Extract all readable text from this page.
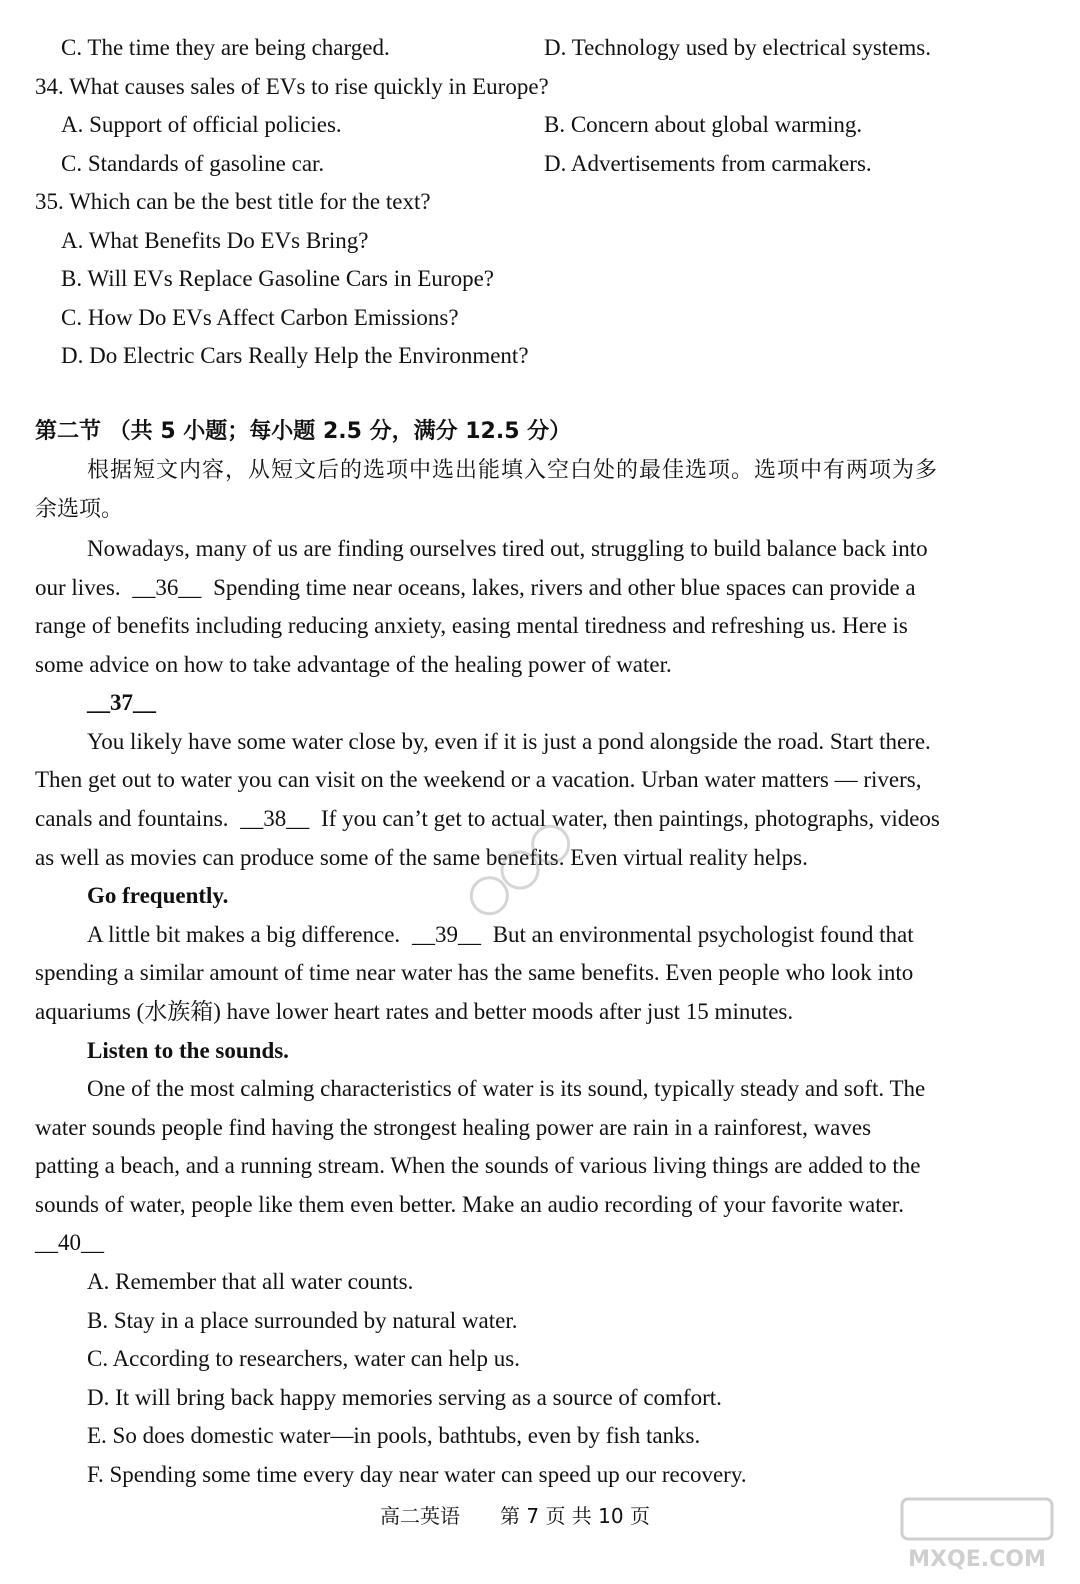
C. The time they are being charged.	D. Technology used by electrical systems.
34. What causes sales of EVs to rise quickly in Europe?
A. Support of official policies.	B. Concern about global warming.
C. Standards of gasoline car.	D. Advertisements from carmakers.
35. Which can be the best title for the text?
A. What Benefits Do EVs Bring?
B. Will EVs Replace Gasoline Cars in Europe?
C. How Do EVs Affect Carbon Emissions?
D. Do Electric Cars Really Help the Environment?
第二节 （共 5 小题；每小题 2.5 分，满分 12.5 分）
根据短文内容，从短文后的选项中选出能填入空白处的最佳选项。选项中有两项为多
余选项。
Nowadays, many of us are finding ourselves tired out, struggling to build balance back into
our lives. __36__ Spending time near oceans, lakes, rivers and other blue spaces can provide a
range of benefits including reducing anxiety, easing mental tiredness and refreshing us. Here is
some advice on how to take advantage of the healing power of water.
__37__
You likely have some water close by, even if it is just a pond alongside the road. Start there.
Then get out to water you can visit on the weekend or a vacation. Urban water matters — rivers,
canals and fountains. __38__ If you can’t get to actual water, then paintings, photographs, videos
as well as movies can produce some of the same benefits. Even virtual reality helps.
Go frequently.
A little bit makes a big difference. __39__ But an environmental psychologist found that
spending a similar amount of time near water has the same benefits. Even people who look into
aquariums (水族箱) have lower heart rates and better moods after just 15 minutes.
Listen to the sounds.
One of the most calming characteristics of water is its sound, typically steady and soft. The
water sounds people find having the strongest healing power are rain in a rainforest, waves
patting a beach, and a running stream. When the sounds of various living things are added to the
sounds of water, people like them even better. Make an audio recording of your favorite water.
__40__
A. Remember that all water counts.
B. Stay in a place surrounded by natural water.
C. According to researchers, water can help us.
D. It will bring back happy memories serving as a source of comfort.
E. So does domestic water—in pools, bathtubs, even by fish tanks.
F. Spending some time every day near water can speed up our recovery.
高二英语　　第 7 页 共 10 页
MXQE.COM
